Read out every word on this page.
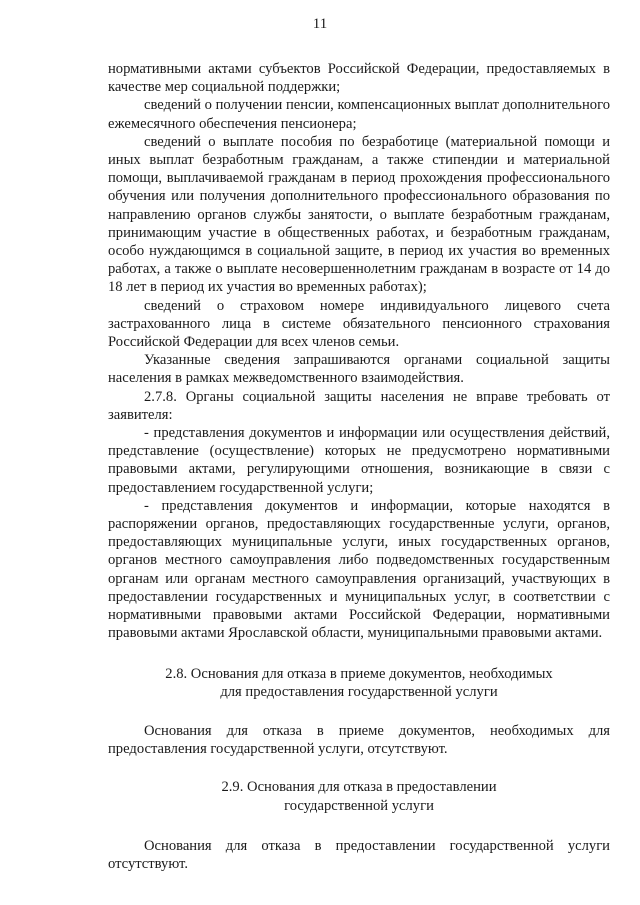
11

нормативными актами субъектов Российской Федерации, предоставляемых в качестве мер социальной поддержки;

сведений о получении пенсии, компенсационных выплат дополнительного ежемесячного обеспечения пенсионера;

сведений о выплате пособия по безработице (материальной помощи и иных выплат безработным гражданам, а также стипендии и материальной помощи, выплачиваемой гражданам в период прохождения профессионального обучения или получения дополнительного профессионального образования по направлению органов службы занятости, о выплате безработным гражданам, принимающим участие в общественных работах, и безработным гражданам, особо нуждающимся в социальной защите, в период их участия во временных работах, а также о выплате несовершеннолетним гражданам в возрасте от 14 до 18 лет в период их участия во временных работах);

сведений о страховом номере индивидуального лицевого счета застрахованного лица в системе обязательного пенсионного страхования Российской Федерации для всех членов семьи.

Указанные сведения запрашиваются органами социальной защиты населения в рамках межведомственного взаимодействия.

2.7.8. Органы социальной защиты населения не вправе требовать от заявителя:

- представления документов и информации или осуществления действий, представление (осуществление) которых не предусмотрено нормативными правовыми актами, регулирующими отношения, возникающие в связи с предоставлением государственной услуги;

- представления документов и информации, которые находятся в распоряжении органов, предоставляющих государственные услуги, органов, предоставляющих муниципальные услуги, иных государственных органов, органов местного самоуправления либо подведомственных государственным органам или органам местного самоуправления организаций, участвующих в предоставлении государственных и муниципальных услуг, в соответствии с нормативными правовыми актами Российской Федерации, нормативными правовыми актами Ярославской области, муниципальными правовыми актами.

2.8. Основания для отказа в приеме документов, необходимых
для предоставления государственной услуги

Основания для отказа в приеме документов, необходимых для предоставления государственной услуги, отсутствуют.

2.9. Основания для отказа в предоставлении
государственной услуги

Основания для отказа в предоставлении государственной услуги отсутствуют.
